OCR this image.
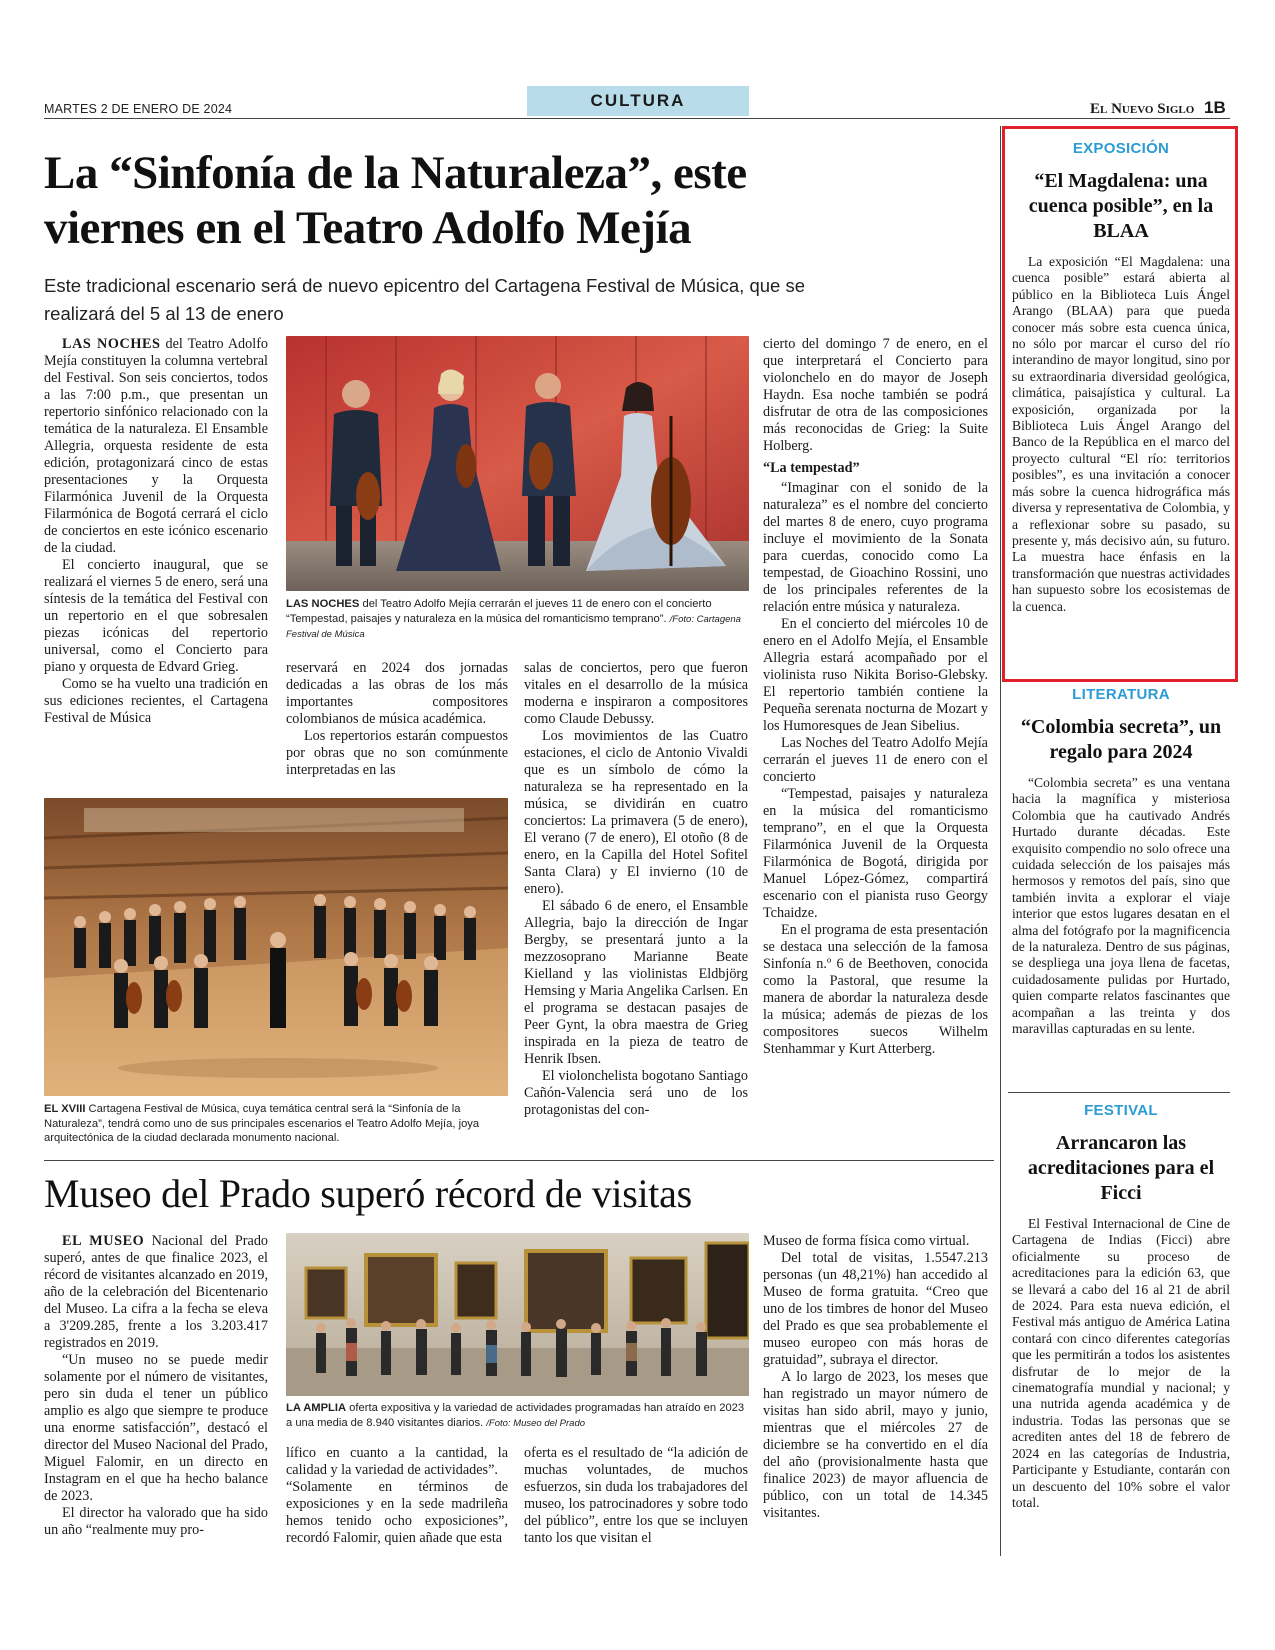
MARTES 2 DE ENERO DE 2024	CULTURA	El Nuevo Siglo 1B
La “Sinfonía de la Naturaleza”, este
viernes en el Teatro Adolfo Mejía
Este tradicional escenario será de nuevo epicentro del Cartagena Festival de Música, que se
realizará del 5 al 13 de enero

LAS NOCHES del Teatro Adolfo Mejía constituyen la columna vertebral del Festival. Son seis conciertos, todos a las 7:00 p.m., que presentan un repertorio sinfónico relacionado con la temática de la naturaleza. El Ensamble Allegria, orquesta residente de esta edición, protagonizará cinco de estas presentaciones y la Orquesta Filarmónica Juvenil de la Orquesta Filarmónica de Bogotá cerrará el ciclo de conciertos en este icónico escenario de la ciudad.

El concierto inaugural, que se realizará el viernes 5 de enero, será una síntesis de la temática del Festival con un repertorio en el que sobresalen piezas icónicas del repertorio universal, como el Concierto para piano y orquesta de Edvard Grieg.

Como se ha vuelto una tradición en sus ediciones recientes, el Cartagena Festival de Música

LAS NOCHES del Teatro Adolfo Mejía cerrarán el jueves 11 de enero con el concierto “Tempestad, paisajes y naturaleza en la música del romanticismo temprano”. /Foto: Cartagena Festival de Música

reservará en 2024 dos jornadas dedicadas a las obras de los más importantes compositores colombianos de música académica.

Los repertorios estarán compuestos por obras que no son comúnmente interpretadas en las

salas de conciertos, pero que fueron vitales en el desarrollo de la música moderna e inspiraron a compositores como Claude Debussy.

Los movimientos de las Cuatro estaciones, el ciclo de Antonio Vivaldi que es un símbolo de cómo la naturaleza se ha representado en la música, se dividirán en cuatro conciertos: La primavera (5 de enero), El verano (7 de enero), El otoño (8 de enero, en la Capilla del Hotel Sofitel Santa Clara) y El invierno (10 de enero).

El sábado 6 de enero, el Ensamble Allegria, bajo la dirección de Ingar Bergby, se presentará junto a la mezzosoprano Marianne Beate Kielland y las violinistas Eldbjörg Hemsing y Maria Angelika Carlsen. En el programa se destacan pasajes de Peer Gynt, la obra maestra de Grieg inspirada en la pieza de teatro de Henrik Ibsen.

El violonchelista bogotano Santiago Cañón-Valencia será uno de los protagonistas del con-

cierto del domingo 7 de enero, en el que interpretará el Concierto para violonchelo en do mayor de Joseph Haydn. Esa noche también se podrá disfrutar de otra de las composiciones más reconocidas de Grieg: la Suite Holberg.

“La tempestad”

“Imaginar con el sonido de la naturaleza” es el nombre del concierto del martes 8 de enero, cuyo programa incluye el movimiento de la Sonata para cuerdas, conocido como La tempestad, de Gioachino Rossini, uno de los principales referentes de la relación entre música y naturaleza.

En el concierto del miércoles 10 de enero en el Adolfo Mejía, el Ensamble Allegria estará acompañado por el violinista ruso Nikita Boriso-Glebsky. El repertorio también contiene la Pequeña serenata nocturna de Mozart y los Humoresques de Jean Sibelius.

Las Noches del Teatro Adolfo Mejía cerrarán el jueves 11 de enero con el concierto

“Tempestad, paisajes y naturaleza en la música del romanticismo temprano”, en el que la Orquesta Filarmónica Juvenil de la Orquesta Filarmónica de Bogotá, dirigida por Manuel López-Gómez, compartirá escenario con el pianista ruso Georgy Tchaidze.

En el programa de esta presentación se destaca una selección de la famosa Sinfonía n.º 6 de Beethoven, conocida como la Pastoral, que resume la manera de abordar la naturaleza desde la música; además de piezas de los compositores suecos Wilhelm Stenhammar y Kurt Atterberg.

EL XVIII Cartagena Festival de Música, cuya temática central será la “Sinfonía de la Naturaleza”, tendrá como uno de sus principales escenarios el Teatro Adolfo Mejía, joya arquitectónica de la ciudad declarada monumento nacional.
Museo del Prado superó récord de visitas

EL MUSEO Nacional del Prado superó, antes de que finalice 2023, el récord de visitantes alcanzado en 2019, año de la celebración del Bicentenario del Museo. La cifra a la fecha se eleva a 3'209.285, frente a los 3.203.417 registrados en 2019.

“Un museo no se puede medir solamente por el número de visitantes, pero sin duda el tener un público amplio es algo que siempre te produce una enorme satisfacción”, destacó el director del Museo Nacional del Prado, Miguel Falomir, en un directo en Instagram en el que ha hecho balance de 2023.

El director ha valorado que ha sido un año “realmente muy pro-

LA AMPLIA oferta expositiva y la variedad de actividades programadas han atraído en 2023 a una media de 8.940 visitantes diarios. /Foto: Museo del Prado

lífico en cuanto a la cantidad, la calidad y la variedad de actividades”.

“Solamente en términos de exposiciones y en la sede madrileña hemos tenido ocho exposiciones”, recordó Falomir, quien añade que esta

oferta es el resultado de “la adición de muchas voluntades, de muchos esfuerzos, sin duda los trabajadores del museo, los patrocinadores y sobre todo del público”, entre los que se incluyen tanto los que visitan el

Museo de forma física como virtual.

Del total de visitas, 1.5547.213 personas (un 48,21%) han accedido al Museo de forma gratuita. “Creo que uno de los timbres de honor del Museo del Prado es que sea probablemente el museo europeo con más horas de gratuidad”, subraya el director.

A lo largo de 2023, los meses que han registrado un mayor número de visitas han sido abril, mayo y junio, mientras que el miércoles 27 de diciembre se ha convertido en el día del año (provisionalmente hasta que finalice 2023) de mayor afluencia de público, con un total de 14.345 visitantes.

EXPOSICIÓN
“El Magdalena: una cuenca posible”, en la BLAA

La exposición “El Magdalena: una cuenca posible” estará abierta al público en la Biblioteca Luis Ángel Arango (BLAA) para que pueda conocer más sobre esta cuenca única, no sólo por marcar el curso del río interandino de mayor longitud, sino por su extraordinaria diversidad geológica, climática, paisajística y cultural. La exposición, organizada por la Biblioteca Luis Ángel Arango del Banco de la República en el marco del proyecto cultural “El río: territorios posibles”, es una invitación a conocer más sobre la cuenca hidrográfica más diversa y representativa de Colombia, y a reflexionar sobre su pasado, su presente y, más decisivo aún, su futuro. La muestra hace énfasis en la transformación que nuestras actividades han supuesto sobre los ecosistemas de la cuenca.

LITERATURA
“Colombia secreta”, un regalo para 2024

“Colombia secreta” es una ventana hacia la magnífica y misteriosa Colombia que ha cautivado Andrés Hurtado durante décadas. Este exquisito compendio no solo ofrece una cuidada selección de los paisajes más hermosos y remotos del país, sino que también invita a explorar el viaje interior que estos lugares desatan en el alma del fotógrafo por la magnificencia de la naturaleza. Dentro de sus páginas, se despliega una joya llena de facetas, cuidadosamente pulidas por Hurtado, quien comparte relatos fascinantes que acompañan a las treinta y dos maravillas capturadas en su lente.

FESTIVAL
Arrancaron las acreditaciones para el Ficci

El Festival Internacional de Cine de Cartagena de Indias (Ficci) abre oficialmente su proceso de acreditaciones para la edición 63, que se llevará a cabo del 16 al 21 de abril de 2024. Para esta nueva edición, el Festival más antiguo de América Latina contará con cinco diferentes categorías que les permitirán a todos los asistentes disfrutar de lo mejor de la cinematografía mundial y nacional; y una nutrida agenda académica y de industria. Todas las personas que se acrediten antes del 18 de febrero de 2024 en las categorías de Industria, Participante y Estudiante, contarán con un descuento del 10% sobre el valor total.
